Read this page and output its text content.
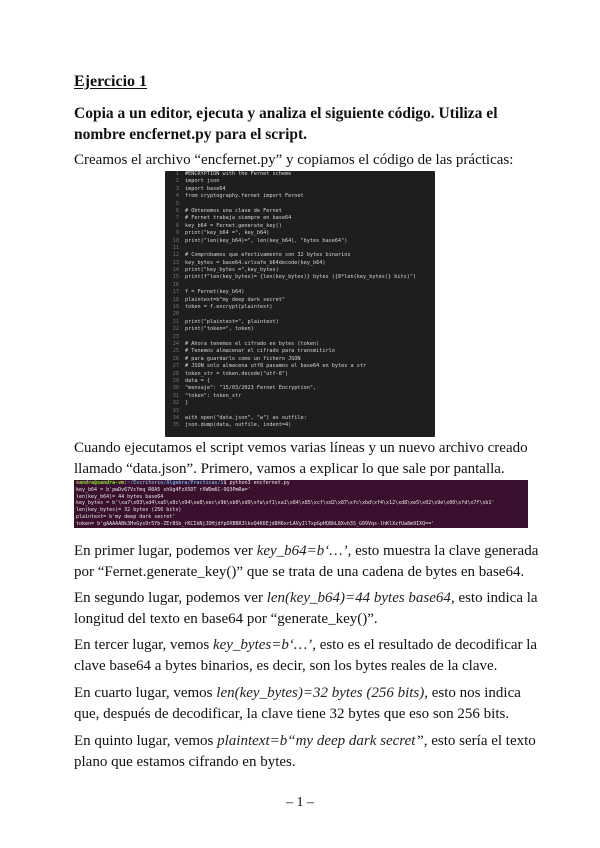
Ejercicio 1
Copia a un editor, ejecuta y analiza el siguiente código. Utiliza el nombre encfernet.py para el script.
Creamos el archivo “encfernet.py” y copiamos el código de las prácticas:
1	#ENCRYPTION with the Fernet scheme
2	import json
3	import base64
4	from cryptography.fernet import Fernet
5
6	# Obtenemos una clave de Fernet
7	# Fernet trabaja siempre en base64
8	key_b64 = Fernet.generate_key()
9	print("key_b64 =", key_b64)
10	print("len(key_b64)=", len(key_b64), "bytes base64")
11
12	# Comprobamos que efectivamente son 32 bytes binarios
13	key_bytes = base64.urlsafe_b64decode(key_b64)
14	print("key_bytes =",key_bytes)
15	print(f"len(key_bytes)= {len(key_bytes)} bytes ({8*len(key_bytes)} bits)")
16
17	f = Fernet(key_b64)
18	plaintext=b"my deep dark secret"
19	token = f.encrypt(plaintext)
20
21	print("plaintext=", plaintext)
22	print("token=", token)
23
24	# Ahora tenemos el cifrado en bytes (token)
25	# Tenemos almacenar el cifrado para transmitirlo
26	# para guardarlo como un fichero JSON
27	# JSON solo almacena utf8 pasamos el base64 en bytes a str
28	token_str = token.decode("utf-8")
29	data = {
30	"mensaje": "15/03/2023 Fernet Encryption",
31	"token": token_str
32	}
33
34	with open("data.json", "w") as outfile:
35	json.dump(data, outfile, indent=4)
Cuando ejecutamos el script vemos varias líneas y un nuevo archivo creado llamado “data.json”. Primero, vamos a explicar lo que sale por pantalla.
sandra@sandra-vm:~/Escritorio/Algebra/Practicas/1$ python3 encfernet.py
key_b64 = b'pwDv67VcYmq R0A5 shUg4FzX5DT rXWDm6C-9Q3PmRa='
len(key_b64)= 44 bytes base64
key_bytes = b'\xa7\x03\xd4\xa5\x8c\x94\xe8\xec\x9b\xb0\xd9\xfa\xf1\xa1\x84\x85\xcf\xd2\x87\xfc\xbd\xf4\x12\xd8\xe5\x02\x9e\x00\xfd\x7f\xb1'
len(key_bytes)= 32 bytes (256 bits)
plaintext= b'my deep dark secret'
token= b'gAAAAABk3HvGys9r5Yb-ZEr8Sb_rKCIkNjJDHjdfpOXBBR3lkvQ4K6Ejd8H6xrLAVyIlTxpGpHQ8bL8Xvb3S_G09Vqs-lhKlXzfUa8m9IXQ=='
En primer lugar, podemos ver key_b64=b‘…’, esto muestra la clave generada por “Fernet.generate_key()” que se trata de una cadena de bytes en base64.
En segundo lugar, podemos ver len(key_b64)=44 bytes base64, esto indica la longitud del texto en base64 por “generate_key()”.
En tercer lugar, vemos key_bytes=b‘…’, esto es el resultado de decodificar la clave base64 a bytes binarios, es decir, son los bytes reales de la clave.
En cuarto lugar, vemos len(key_bytes)=32 bytes (256 bits), esto nos indica que, después de decodificar, la clave tiene 32 bytes que eso son 256 bits.
En quinto lugar, vemos plaintext=b“my deep dark secret”, esto sería el texto plano que estamos cifrando en bytes.
– 1 –
